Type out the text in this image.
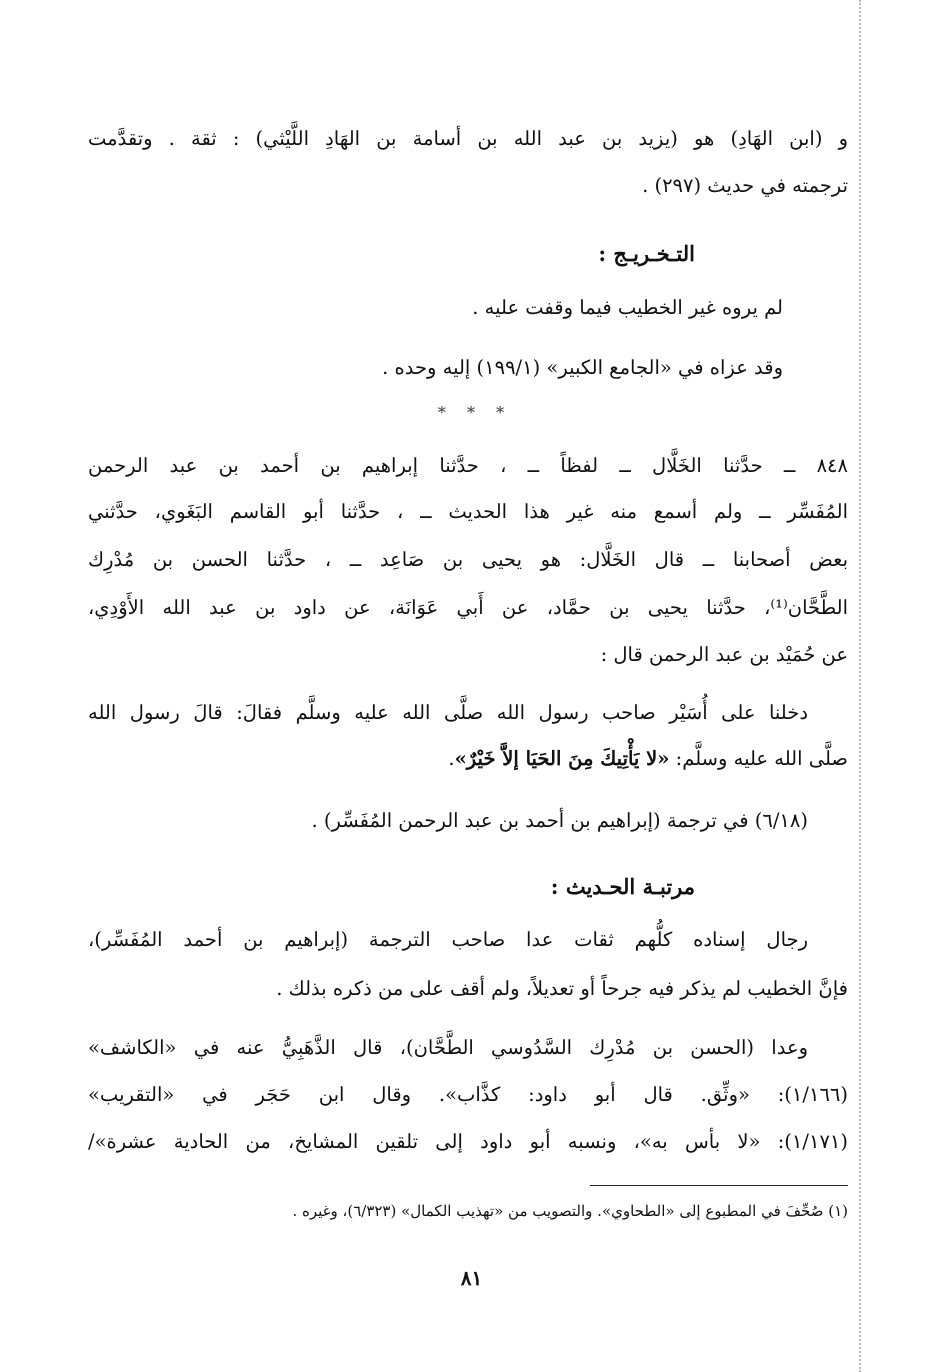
و (ابن الهَادِ) هو (يزيد بن عبد الله بن أسامة بن الهَادِ اللَّيْثي) : ثقة . وتقدَّمت
ترجمته في حديث (٢٩٧) .
التـخـريـج :
لم يروه غير الخطيب فيما وقفت عليه .
وقد عزاه في «الجامع الكبير» (١٩٩/١) إليه وحده .
* * *
٨٤٨ ــ حدَّثنا الخَلَّال ــ لفظاً ــ ، حدَّثنا إبراهيم بن أحمد بن عبد الرحمن
المُفَسِّر ــ ولم أسمع منه غير هذا الحديث ــ ، حدَّثنا أبو القاسم البَغَوي، حدَّثني
بعض أصحابنا ــ قال الخَلَّال: هو يحيى بن صَاعِد ــ ، حدَّثنا الحسن بن مُدْرِك
الطَّحَّان⁽¹⁾، حدَّثنا يحيى بن حمَّاد، عن أَبي عَوَانَة، عن داود بن عبد الله الأَوْدِي،
عن حُمَيْد بن عبد الرحمن قال :
دخلنا على أُسَيْر صاحب رسول الله صلَّى الله عليه وسلَّم فقالَ: قالَ رسول الله
صلَّى الله عليه وسلَّم: «لا يَأْتِيكَ مِنَ الحَيَا إلاَّ خَيْرٌ».
(٦/١٨) في ترجمة (إبراهيم بن أحمد بن عبد الرحمن المُفَسِّر) .
مرتبـة الحـديث :
رجال إسناده كلُّهم ثقات عدا صاحب الترجمة (إبراهيم بن أحمد المُفَسِّر)،
فإنَّ الخطيب لم يذكر فيه جرحاً أو تعديلاً، ولم أقف على من ذكره بذلك .
وعدا (الحسن بن مُدْرِك السَّدُوسي الطَّحَّان)، قال الذَّهَبِيُّ عنه في «الكاشف»
(١/١٦٦): «وثِّق. قال أبو داود: كذَّاب». وقال ابن حَجَر في «التقريب»
(١/١٧١): «لا بأس به»، ونسبه أبو داود إلى تلقين المشايخ، من الحادية عشرة»/
(١) صُحِّفَ في المطبوع إلى «الطحاوي». والتصويب من «تهذيب الكمال» (٦/٣٢٣)، وغيره .
٨١
